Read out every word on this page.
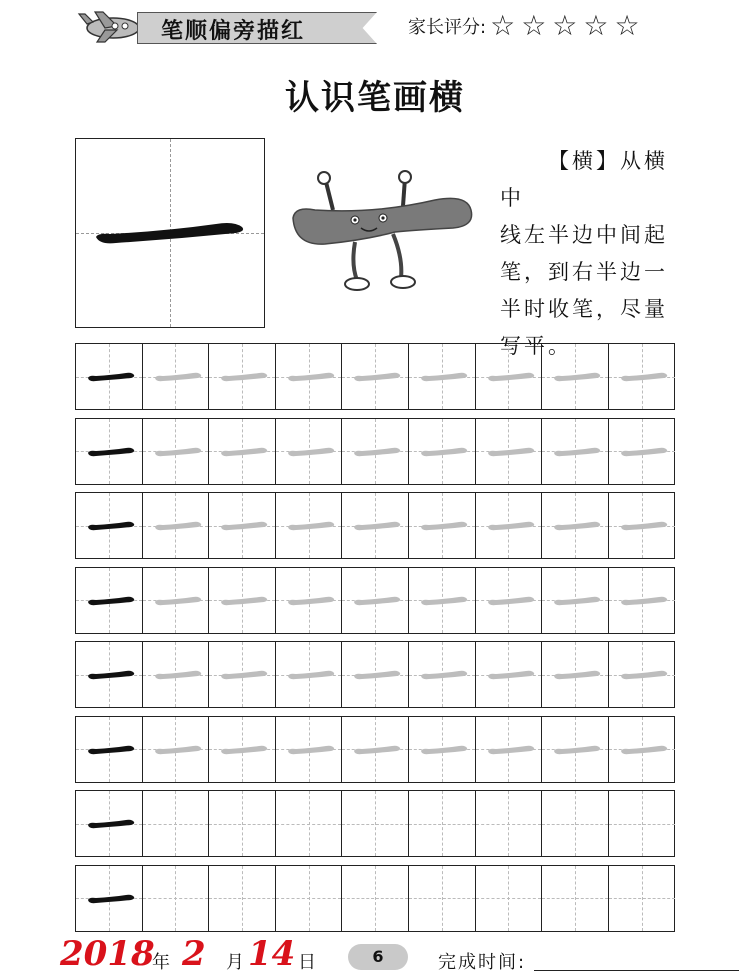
笔顺偏旁描红	家长评分: ☆ ☆ ☆ ☆ ☆
认识笔画横

【横】从横中

线左半边中间起

笔，到右半边一

半时收笔，尽量

写平。

2018
年 2 月 14 日	6	完成时间:
